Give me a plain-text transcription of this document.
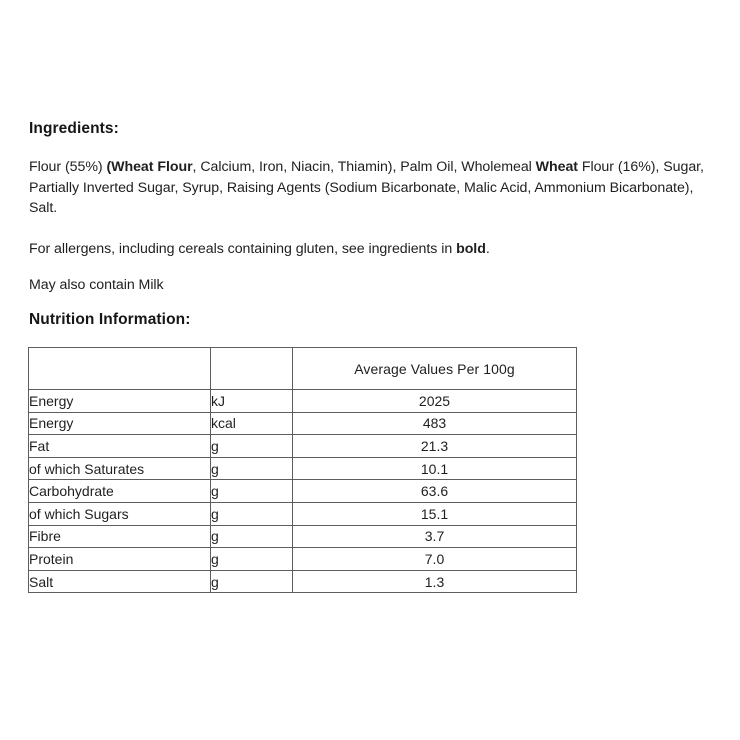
Ingredients:
Flour (55%) (Wheat Flour, Calcium, Iron, Niacin, Thiamin), Palm Oil, Wholemeal Wheat Flour (16%), Sugar, Partially Inverted Sugar, Syrup, Raising Agents (Sodium Bicarbonate, Malic Acid, Ammonium Bicarbonate), Salt.
For allergens, including cereals containing gluten, see ingredients in bold.
May also contain Milk
Nutrition Information:
		Average Values Per 100g
Energy	kJ	2025
Energy	kcal	483
Fat	g	21.3
of which Saturates	g	10.1
Carbohydrate	g	63.6
of which Sugars	g	15.1
Fibre	g	3.7
Protein	g	7.0
Salt	g	1.3
